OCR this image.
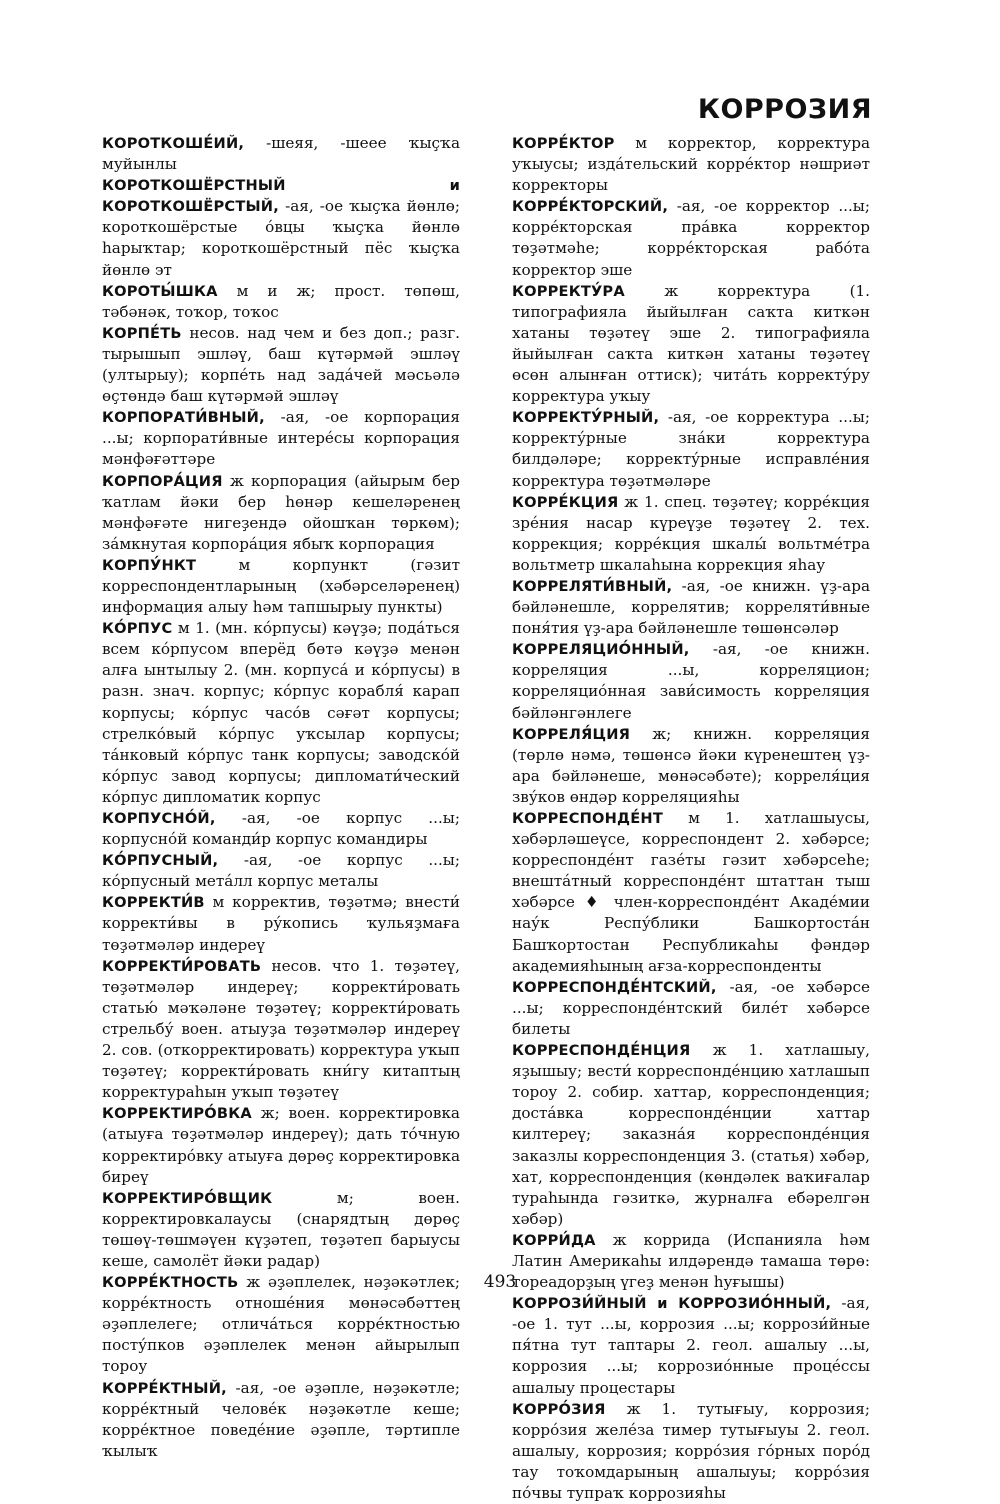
КОРРОЗИЯ

КОРОТКОШЕ́ИЙ, -шеяя, -шеее ҡыҫҡа муйынлы

КОРОТКОШЁРСТНЫЙ и КОРОТКОШЁРСТЫЙ, -ая, -ое ҡыҫҡа йөнлө; короткошёрстые о́вцы ҡыҫҡа йөнлө һарыҡтар; короткошёрстный пёс ҡыҫҡа йөнлө эт

КОРОТЫ́ШКА м и ж; прост. төпөш, тәбәнәк, тоҡор, тоҡос

КОРПЕ́ТЬ несов. над чем и без доп.; разг. тырышып эшләү, баш күтәрмәй эшләү (ултырыу); корпе́ть над зада́чей мәсьәлә өҫтөндә баш күтәрмәй эшләү

КОРПОРАТИ́ВНЫЙ, -ая, -ое корпорация ...ы; корпорати́вные интере́сы корпорация мәнфәғәттәре

КОРПОРА́ЦИЯ ж корпорация (айырым бер ҡатлам йәки бер һөнәр кешеләренең мәнфәғәте нигеҙендә ойошҡан төркөм); за́мкнутая корпора́ция ябыҡ корпорация

КОРПУ́НКТ	м корпункт (гәзит корреспондентларының (хәбәрселәренең) информация алыу һәм тапшырыу пункты)

КО́РПУС м 1. (мн. ко́рпусы) кәүҙә; пода́ться всем ко́рпусом вперёд бөтә кәүҙә менән алға ынтылыу 2. (мн. корпуса́ и ко́рпусы) в разн. знач. корпус; ко́рпус корабля́ карап корпусы; ко́рпус часо́в сәғәт корпусы; стрелко́вый ко́рпус уҡсылар корпусы; та́нковый ко́рпус танк корпусы; заводско́й ко́рпус завод корпусы; дипломати́ческий ко́рпус дипломатик корпус

КОРПУСНО́Й, -ая, -ое корпус ...ы; корпусно́й команди́р корпус командиры

КО́РПУСНЫЙ, -ая, -ое корпус ...ы; ко́рпусный мета́лл корпус металы

КОРРЕКТИ́В м корректив, төҙәтмә; внести́ корректи́вы в ру́копись ҡульяҙмаға төҙәтмәләр индереү

КОРРЕКТИ́РОВАТЬ несов. что 1. төҙәтеү, төҙәтмәләр индереү; корректи́ровать статью́ мәҡәләне төҙәтеү; корректи́ровать стрельбу́ воен. атыуҙа төҙәтмәләр индереү 2. сов. (откорректировать) корректура уҡып төҙәтеү; корректи́ровать кни́гу китаптың корректураһын уҡып төҙәтеү

КОРРЕКТИРО́ВКА ж; воен. корректировка (атыуға төҙәтмәләр индереү); дать то́чную корректиро́вку атыуға дөрөҫ корректировка биреү

КОРРЕКТИРО́ВЩИК	м; воен. корректировкалаусы (снарядтың дөрөҫ төшөү-төшмәүен күҙәтеп, төҙәтеп барыусы кеше, самолёт йәки радар)

КОРРЕ́КТНОСТЬ ж әҙәплелек, нәҙәкәтлек; корре́ктность отноше́ния мөнәсәбәттең әҙәплелеге; отлича́ться корре́ктностью посту́пков әҙәплелек менән айырылып тороу

КОРРЕ́КТНЫЙ, -ая, -ое әҙәпле, нәҙәкәтле; корре́ктный челове́к нәҙәкәтле кеше; корре́ктное поведе́ние әҙәпле, тәртипле ҡылыҡ

КОРРЕ́КТОР м корректор, корректура уҡыусы; изда́тельский корре́ктор нәшриәт корректоры

КОРРЕ́КТОРСКИЙ, -ая, -ое корректор ...ы; корре́кторская пра́вка корректор төҙәтмәһе; корре́кторская рабо́та корректор эше

КОРРЕКТУ́РА	ж корректура (1. типографияла йыйылған саҡта киткән хатаны төҙәтеү эше 2. типографияла йыйылған саҡта киткән хатаны төҙәтеү өсөн алынған оттиск); чита́ть корректу́ру корректура уҡыу

КОРРЕКТУ́РНЫЙ, -ая, -ое корректура ...ы; корректу́рные зна́ки корректура билдәләре; корректу́рные исправле́ния корректура төҙәтмәләре

КОРРЕ́КЦИЯ ж 1. спец. төҙәтеү; корре́кция зре́ния насар күреүҙе төҙәтеү 2. тех. коррекция; корре́кция шкалы́ вольтме́тра вольтметр шкалаһына коррекция яһау

КОРРЕЛЯТИ́ВНЫЙ, -ая, -ое книжн. үҙ-ара бәйләнешле, коррелятив; корреляти́вные поня́тия үҙ-ара бәйләнешле төшөнсәләр

КОРРЕЛЯЦИО́ННЫЙ, -ая, -ое книжн. корреляция ...ы, корреляцион; корреляцио́нная зави́симость корреляция бәйләнгәнлеге

КОРРЕЛЯ́ЦИЯ ж; книжн. корреляция (төрлө нәмә, төшөнсә йәки күренештең үҙ-ара бәйләнеше, мөнәсәбәте); корреля́ция зву́ков өндәр корреляцияһы

КОРРЕСПОНДЕ́НТ м 1. хатлашыусы, хәбәрләшеүсе, корреспондент 2. хәбәрсе; корреспонде́нт газе́ты гәзит хәбәрсеһе; внешта́тный корреспонде́нт штаттан тыш хәбәрсе ♦ член-корреспонде́нт Акаде́мии нау́к Респу́блики Башкортоста́н Башҡортостан Республикаһы фәндәр академияһының ағза-корреспонденты

КОРРЕСПОНДЕ́НТСКИЙ, -ая, -ое хәбәрсе ...ы; корреспонде́нтский биле́т хәбәрсе билеты

КОРРЕСПОНДЕ́НЦИЯ ж 1. хатлашыу, яҙышыу; вести́ корреспонде́нцию хатлашып тороу 2. собир. хаттар, корреспонденция; доста́вка корреспонде́нции хаттар килтереү; заказна́я корреспонде́нция заказлы корреспонденция 3. (статья) хәбәр, хат, корреспонденция (көндәлек ваҡиғалар тураһында гәзиткә, журналға ебәрелгән хәбәр)

КОРРИ́ДА ж коррида (Испанияла һәм Латин Америкаһы илдәрендә тамаша төрө: тореадорҙың үгеҙ менән һуғышы)

КОРРОЗИ́ЙНЫЙ и КОРРОЗИО́ННЫЙ, -ая, -ое 1. тут ...ы, коррозия ...ы; коррози́йные пя́тна тут таптары 2. геол. ашалыу ...ы, коррозия ...ы; коррозио́нные проце́ссы ашалыу процестары

КОРРО́ЗИЯ ж 1. тутығыу, коррозия; корро́зия желе́за тимер тутығыуы 2. геол. ашалыу, коррозия; корро́зия го́рных поро́д тау тоҡомдарының ашалыуы; корро́зия по́чвы тупраҡ коррозияһы

493
